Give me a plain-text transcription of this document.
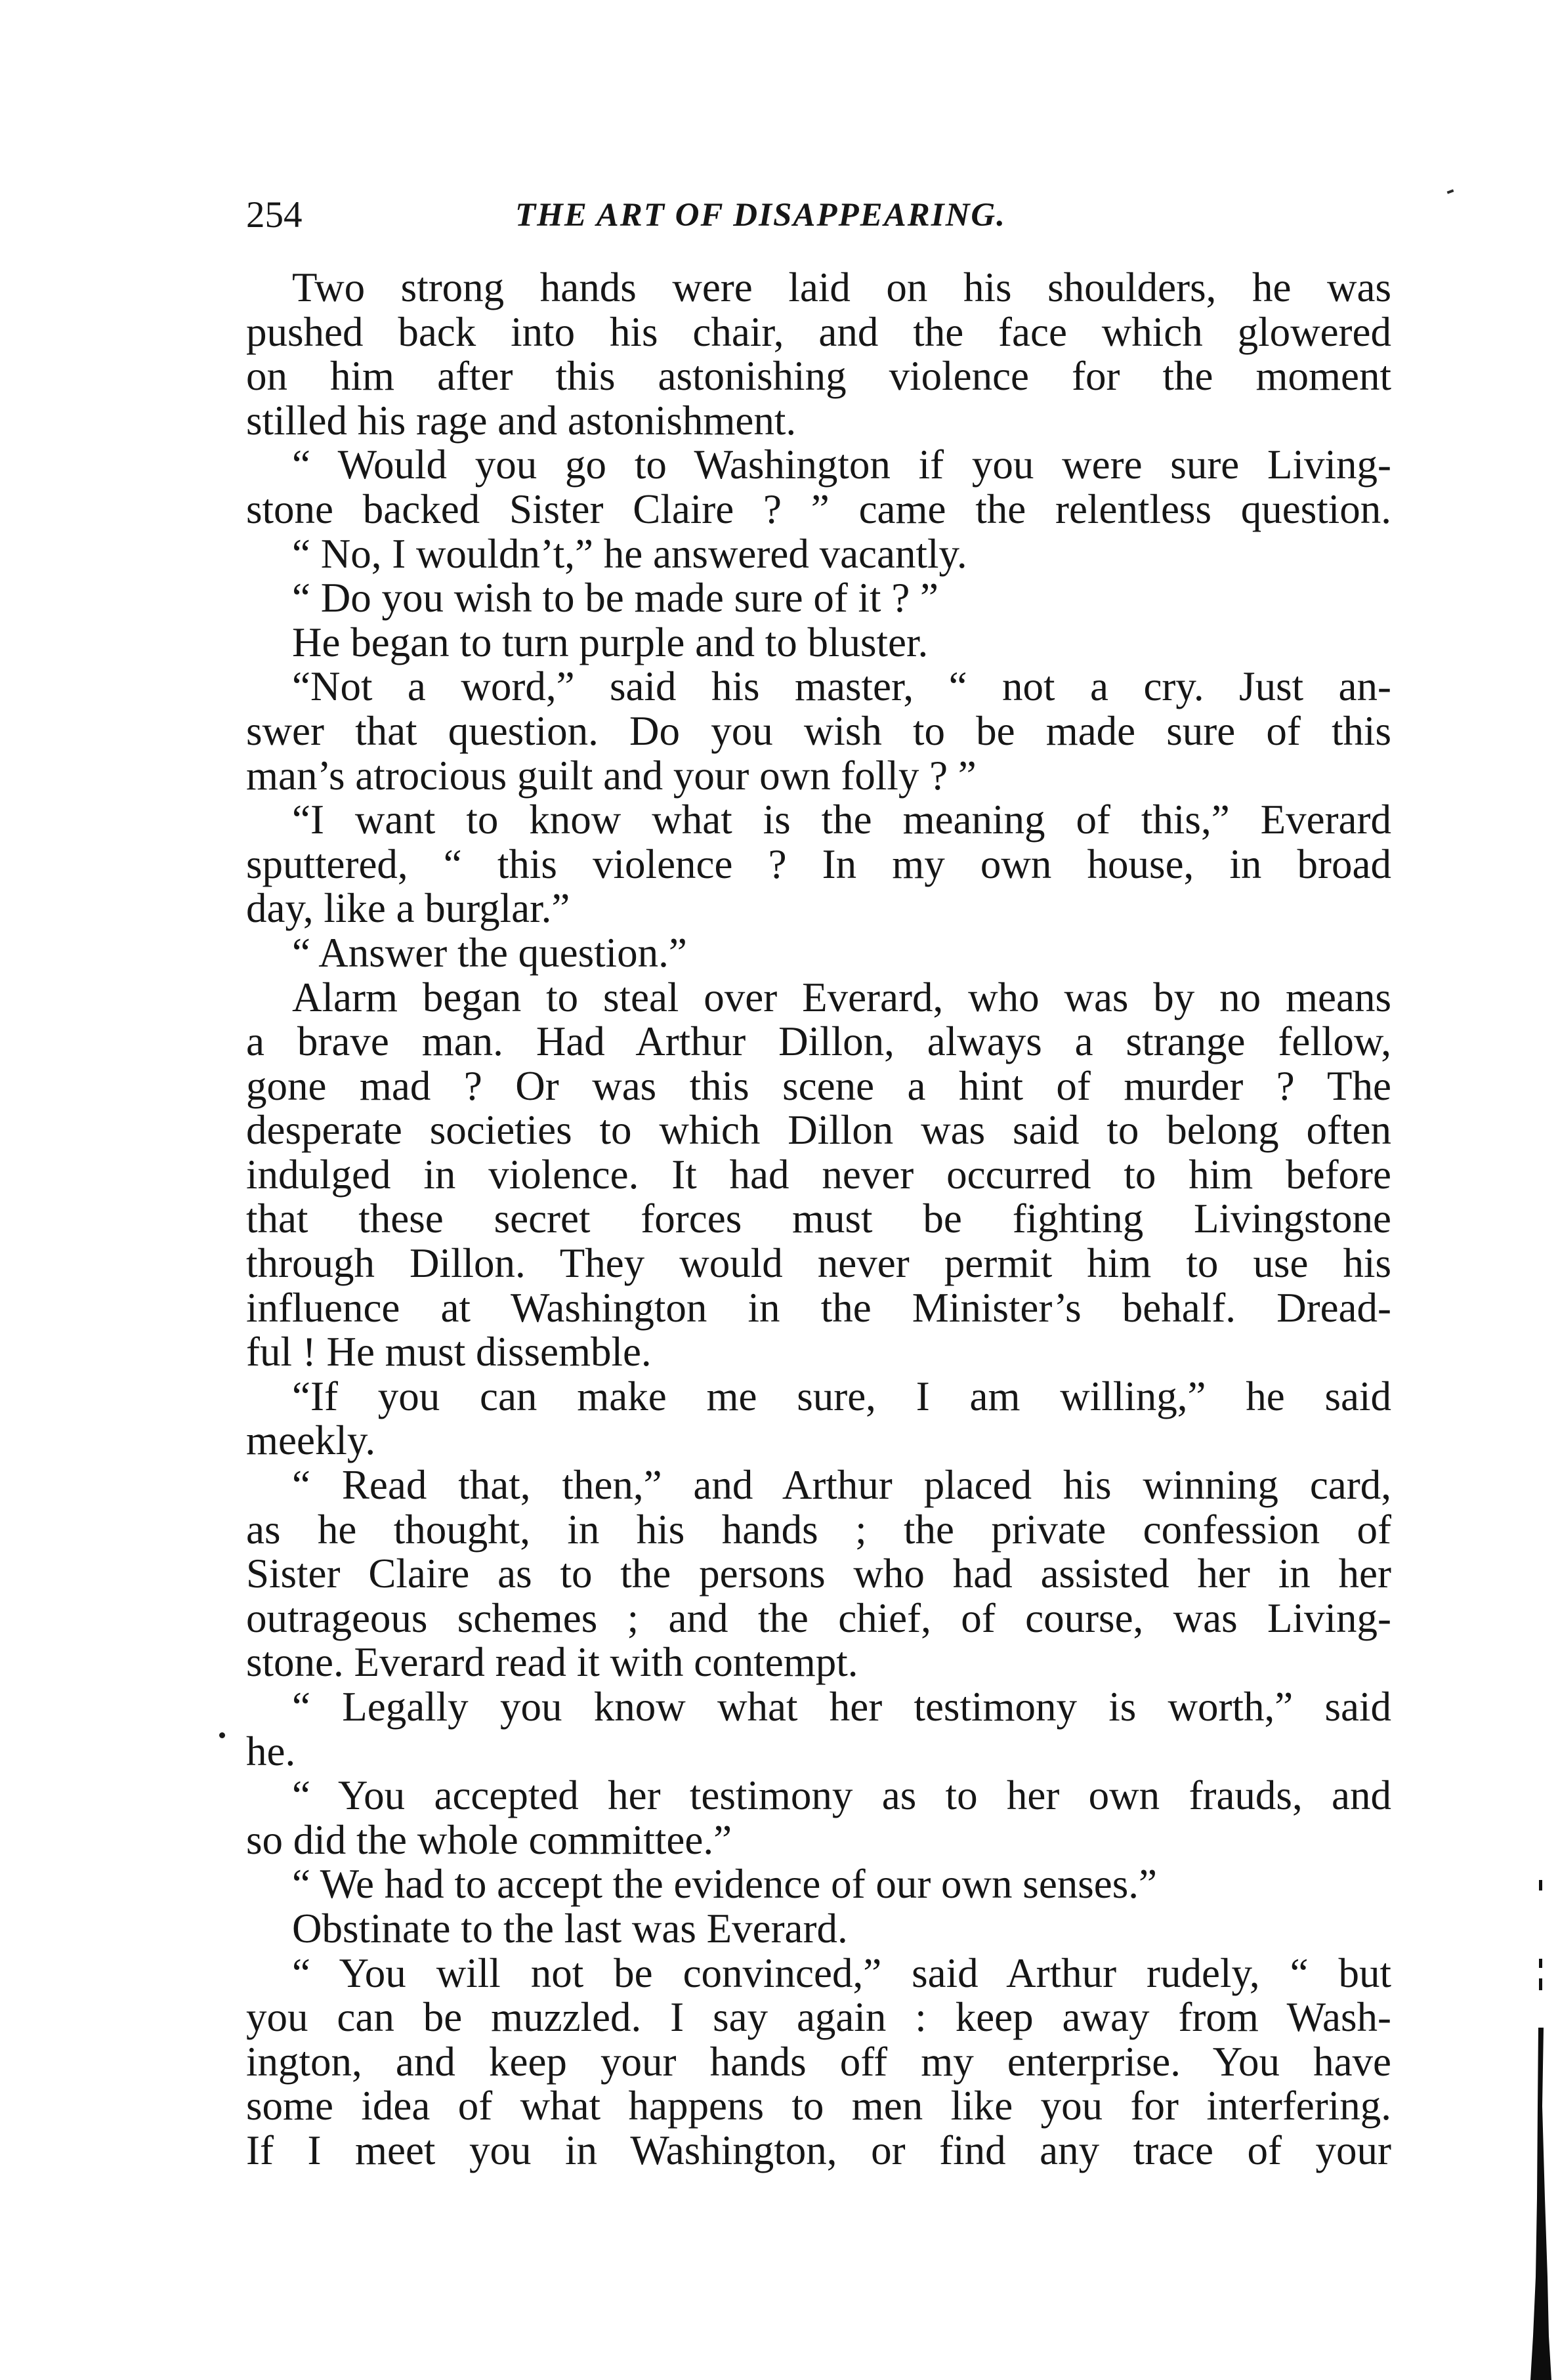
254	THE ART OF DISAPPEARING.
Two strong hands were laid on his shoulders, he was
pushed back into his chair, and the face which glowered
on him after this astonishing violence for the moment
stilled his rage and astonishment.
“ Would you go to Washington if you were sure Living-
stone backed Sister Claire ? ” came the relentless question.
“ No, I wouldn’t,” he answered vacantly.
“ Do you wish to be made sure of it ? ”
He began to turn purple and to bluster.
“Not a word,” said his master, “ not a cry. Just an-
swer that question. Do you wish to be made sure of this
man’s atrocious guilt and your own folly ? ”
“I want to know what is the meaning of this,” Everard
sputtered, “ this violence ? In my own house, in broad
day, like a burglar.”
“ Answer the question.”
Alarm began to steal over Everard, who was by no means
a brave man. Had Arthur Dillon, always a strange fellow,
gone mad ? Or was this scene a hint of murder ? The
desperate societies to which Dillon was said to belong often
indulged in violence. It had never occurred to him before
that these secret forces must be fighting Livingstone
through Dillon. They would never permit him to use his
influence at Washington in the Minister’s behalf. Dread-
ful ! He must dissemble.
“If you can make me sure, I am willing,” he said
meekly.
“ Read that, then,” and Arthur placed his winning card,
as he thought, in his hands ; the private confession of
Sister Claire as to the persons who had assisted her in her
outrageous schemes ; and the chief, of course, was Living-
stone. Everard read it with contempt.
“ Legally you know what her testimony is worth,” said
he.
“ You accepted her testimony as to her own frauds, and
so did the whole committee.”
“ We had to accept the evidence of our own senses.”
Obstinate to the last was Everard.
“ You will not be convinced,” said Arthur rudely, “ but
you can be muzzled. I say again : keep away from Wash-
ington, and keep your hands off my enterprise. You have
some idea of what happens to men like you for interfering.
If I meet you in Washington, or find any trace of your
